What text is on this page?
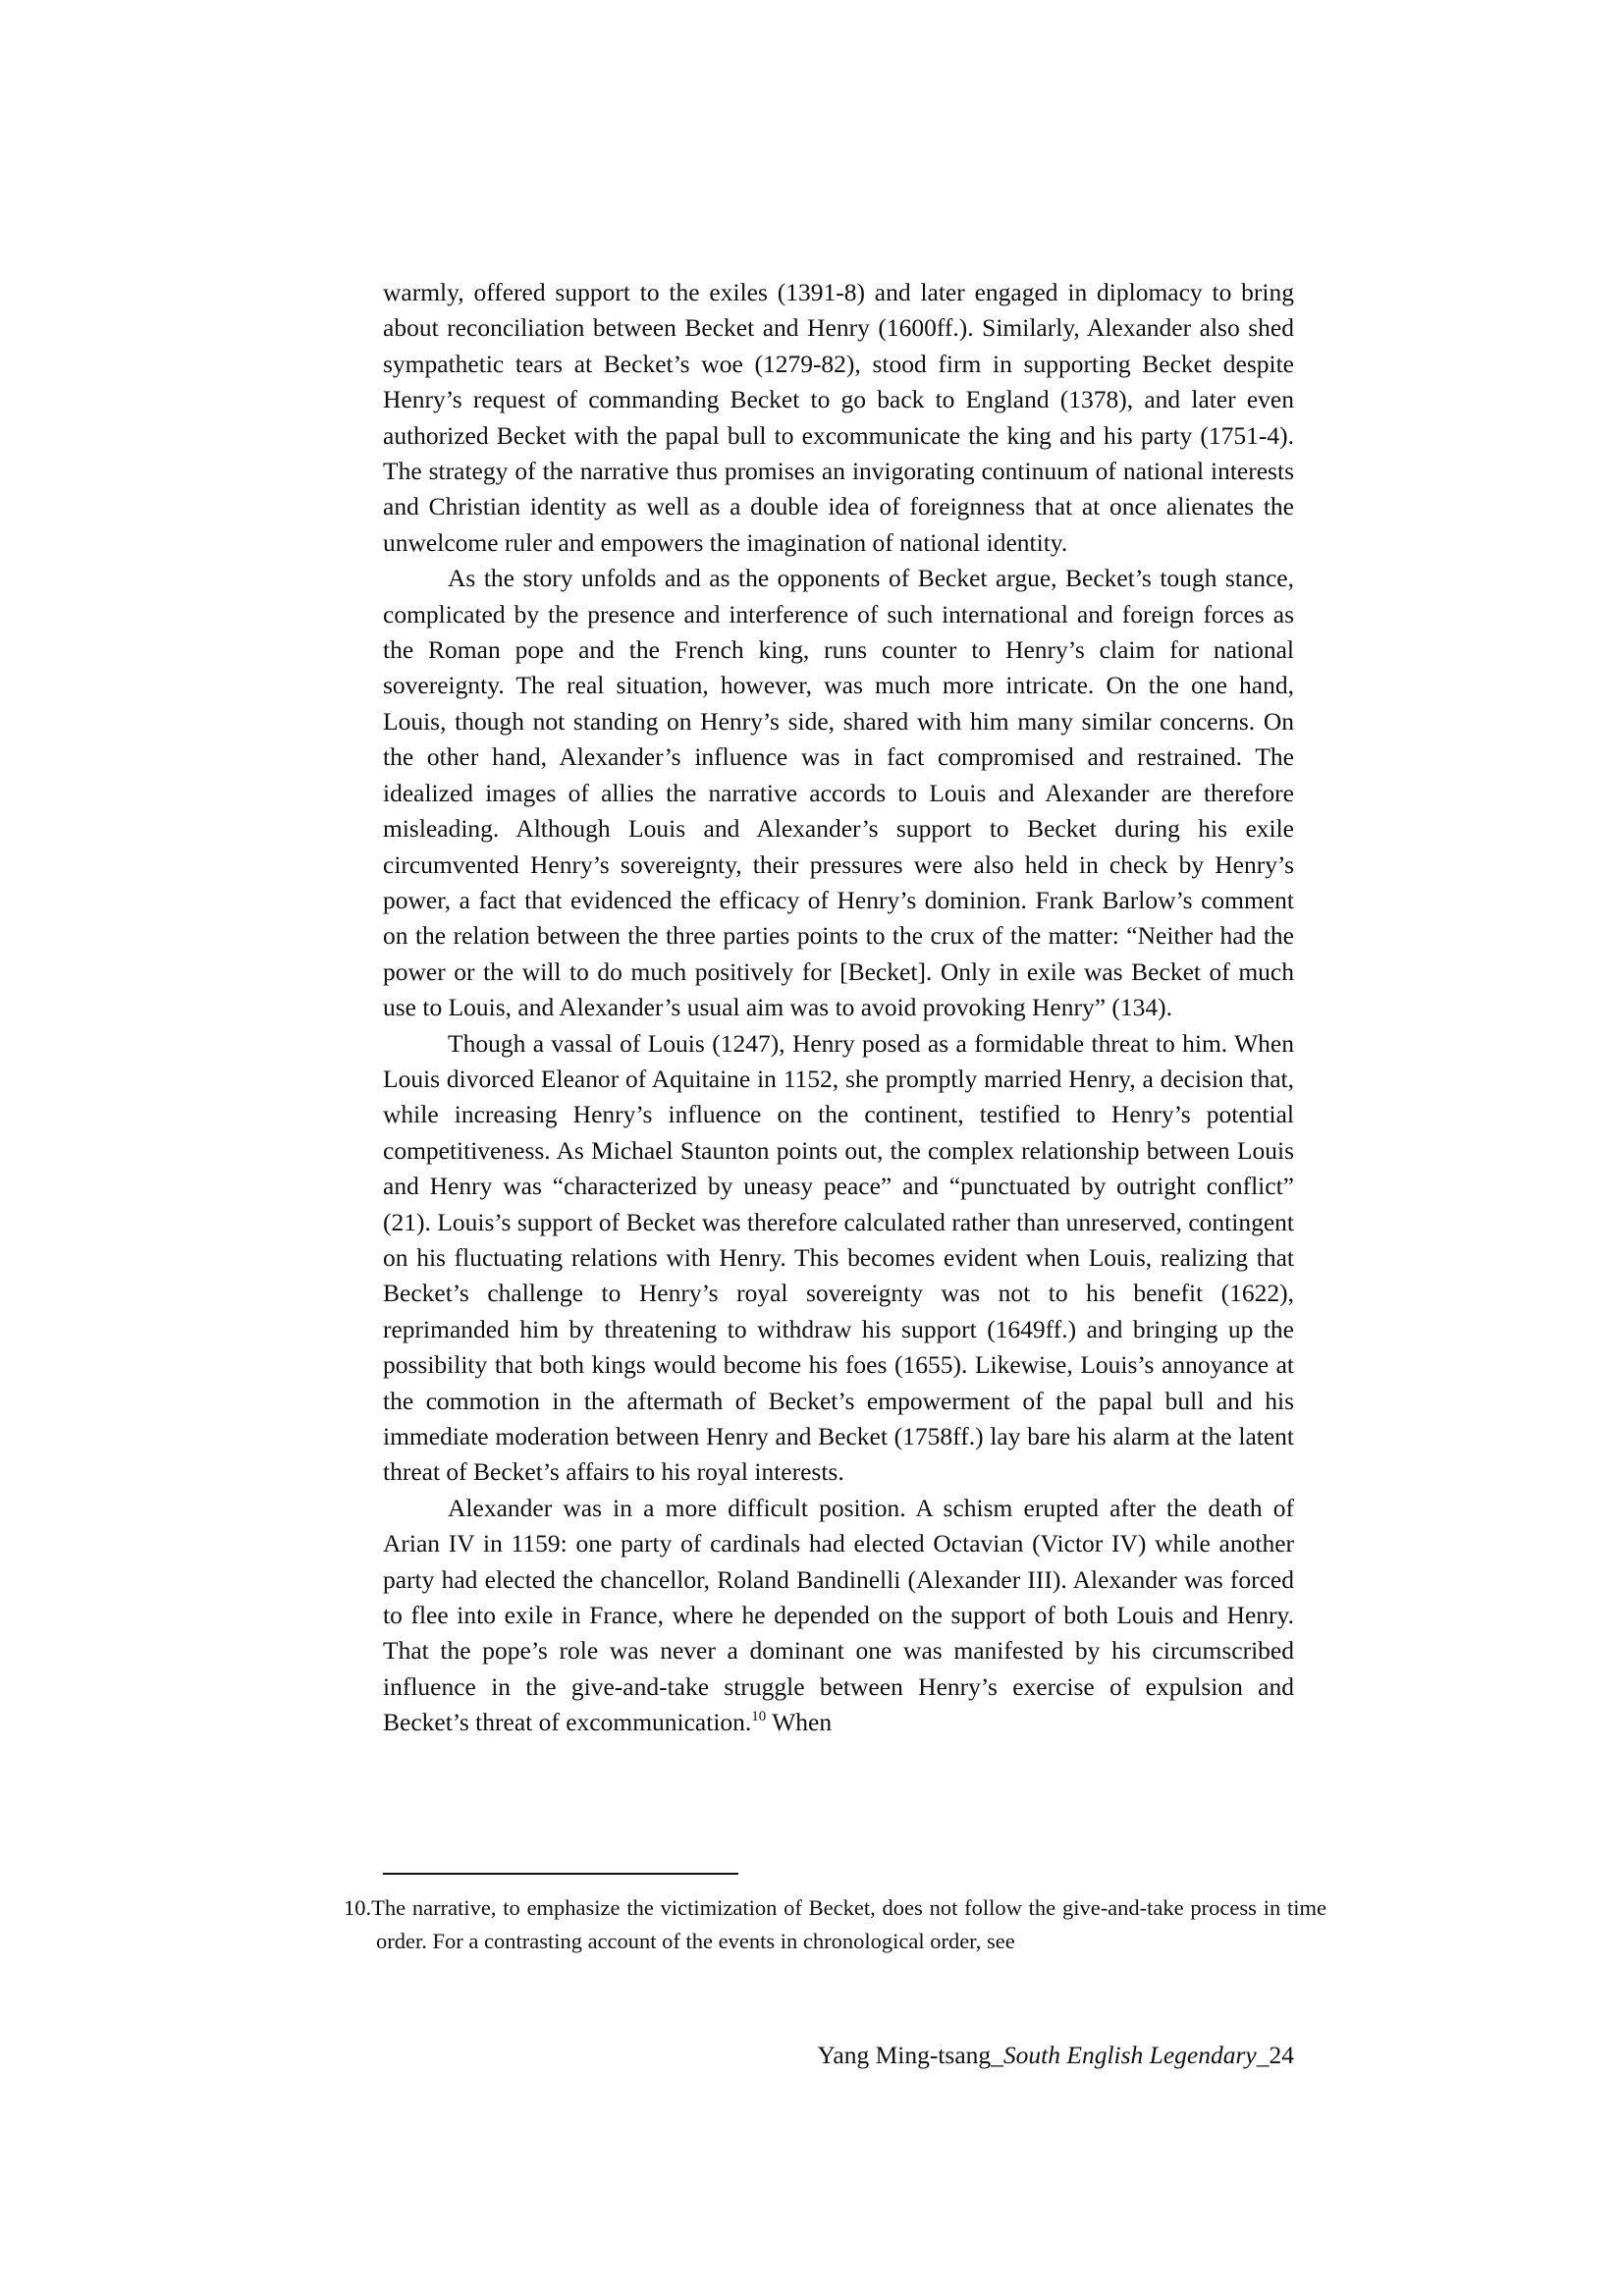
warmly, offered support to the exiles (1391-8) and later engaged in diplomacy to bring about reconciliation between Becket and Henry (1600ff.). Similarly, Alexander also shed sympathetic tears at Becket’s woe (1279-82), stood firm in supporting Becket despite Henry’s request of commanding Becket to go back to England (1378), and later even authorized Becket with the papal bull to excommunicate the king and his party (1751-4). The strategy of the narrative thus promises an invigorating continuum of national interests and Christian identity as well as a double idea of foreignness that at once alienates the unwelcome ruler and empowers the imagination of national identity.

As the story unfolds and as the opponents of Becket argue, Becket’s tough stance, complicated by the presence and interference of such international and foreign forces as the Roman pope and the French king, runs counter to Henry’s claim for national sovereignty. The real situation, however, was much more intricate. On the one hand, Louis, though not standing on Henry’s side, shared with him many similar concerns. On the other hand, Alexander’s influence was in fact compromised and restrained. The idealized images of allies the narrative accords to Louis and Alexander are therefore misleading. Although Louis and Alexander’s support to Becket during his exile circumvented Henry’s sovereignty, their pressures were also held in check by Henry’s power, a fact that evidenced the efficacy of Henry’s dominion. Frank Barlow’s comment on the relation between the three parties points to the crux of the matter: “Neither had the power or the will to do much positively for [Becket]. Only in exile was Becket of much use to Louis, and Alexander’s usual aim was to avoid provoking Henry” (134).

Though a vassal of Louis (1247), Henry posed as a formidable threat to him. When Louis divorced Eleanor of Aquitaine in 1152, she promptly married Henry, a decision that, while increasing Henry’s influence on the continent, testified to Henry’s potential competitiveness. As Michael Staunton points out, the complex relationship between Louis and Henry was “characterized by uneasy peace” and “punctuated by outright conflict” (21). Louis’s support of Becket was therefore calculated rather than unreserved, contingent on his fluctuating relations with Henry. This becomes evident when Louis, realizing that Becket’s challenge to Henry’s royal sovereignty was not to his benefit (1622), reprimanded him by threatening to withdraw his support (1649ff.) and bringing up the possibility that both kings would become his foes (1655). Likewise, Louis’s annoyance at the commotion in the aftermath of Becket’s empowerment of the papal bull and his immediate moderation between Henry and Becket (1758ff.) lay bare his alarm at the latent threat of Becket’s affairs to his royal interests.

Alexander was in a more difficult position. A schism erupted after the death of Arian IV in 1159: one party of cardinals had elected Octavian (Victor IV) while another party had elected the chancellor, Roland Bandinelli (Alexander III). Alexander was forced to flee into exile in France, where he depended on the support of both Louis and Henry. That the pope’s role was never a dominant one was manifested by his circumscribed influence in the give-and-take struggle between Henry’s exercise of expulsion and Becket’s threat of excommunication.$^{10}$ When

10.The narrative, to emphasize the victimization of Becket, does not follow the give-and-take process in time order. For a contrasting account of the events in chronological order, see
Yang Ming-tsang_South English Legendary_24
